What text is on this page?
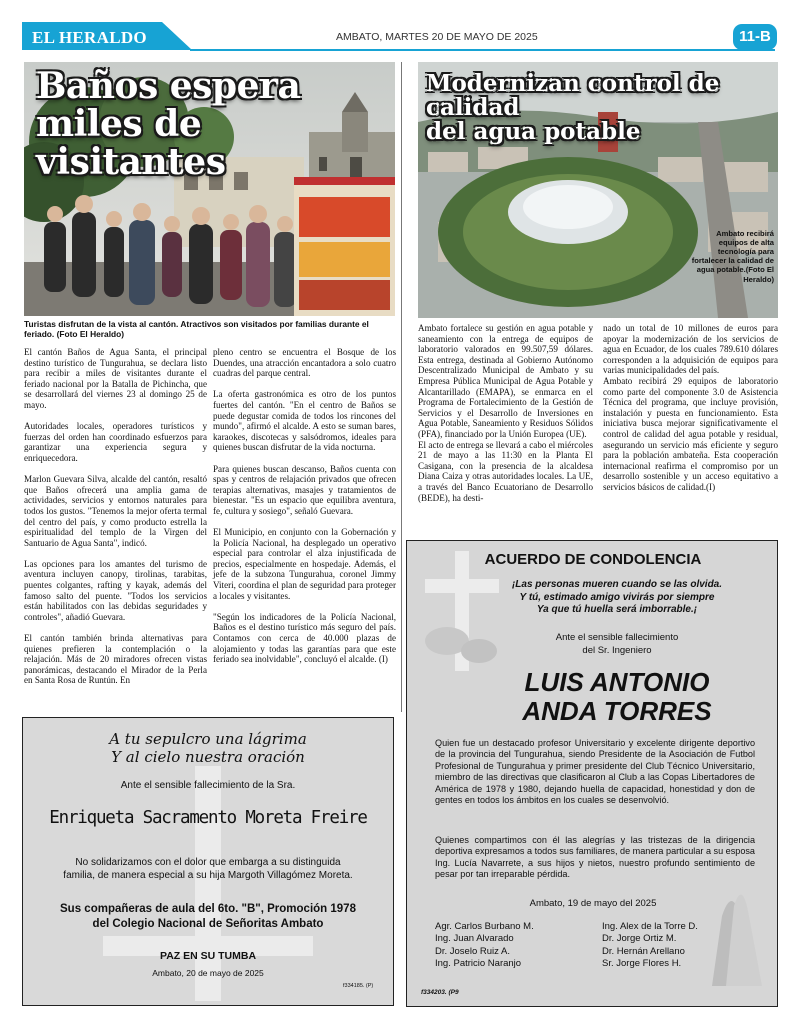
EL HERALDO	AMBATO, MARTES 20 DE MAYO DE 2025	11-B
Baños espera miles de visitantes
Turistas disfrutan de la vista al cantón. Atractivos son visitados por familias durante el feriado. (Foto El Heraldo)

El cantón Baños de Agua Santa, el principal destino turístico de Tungurahua, se declara listo para recibir a miles de visitantes durante el feriado nacional por la Batalla de Pichincha, que se desarrollará del viernes 23 al domingo 25 de mayo.

Autoridades locales, operadores turísticos y fuerzas del orden han coordinado esfuerzos para garantizar una experiencia segura y enriquecedora.

Marlon Guevara Silva, alcalde del cantón, resaltó que Baños ofrecerá una amplia gama de actividades, servicios y entornos naturales para todos los gustos. "Tenemos la mejor oferta termal del centro del país, y como producto estrella la espiritualidad del templo de la Virgen del Santuario de Agua Santa", indicó.

Las opciones para los amantes del turismo de aventura incluyen canopy, tirolinas, tarabitas, puentes colgantes, rafting y kayak, además del famoso salto del puente. "Todos los servicios están habilitados con las debidas seguridades y controles", añadió Guevara.

El cantón también brinda alternativas para quienes prefieren la contemplación o la relajación. Más de 20 miradores ofrecen vistas panorámicas, destacando el Mirador de la Perla en Santa Rosa de Runtún. En

pleno centro se encuentra el Bosque de los Duendes, una atracción encantadora a solo cuatro cuadras del parque central.

La oferta gastronómica es otro de los puntos fuertes del cantón. "En el centro de Baños se puede degustar comida de todos los rincones del mundo", afirmó el alcalde. A esto se suman bares, karaokes, discotecas y salsódromos, ideales para quienes buscan disfrutar de la vida nocturna.

Para quienes buscan descanso, Baños cuenta con spas y centros de relajación privados que ofrecen terapias alternativas, masajes y tratamientos de bienestar. "Es un espacio que equilibra aventura, fe, cultura y sosiego", señaló Guevara.

El Municipio, en conjunto con la Gobernación y la Policía Nacional, ha desplegado un operativo especial para controlar el alza injustificada de precios, especialmente en hospedaje. Además, el jefe de la subzona Tungurahua, coronel Jimmy Viteri, coordina el plan de seguridad para proteger a locales y visitantes.

"Según los indicadores de la Policía Nacional, Baños es el destino turístico más seguro del país. Contamos con cerca de 40.000 plazas de alojamiento y todas las garantías para que este feriado sea inolvidable", concluyó el alcalde. (I)

Modernizan control de calidad
del agua potable
Ambato recibirá equipos de alta tecnología para fortalecer la calidad de agua potable.(Foto El Heraldo)

Ambato fortalece su gestión en agua potable y saneamiento con la entrega de equipos de laboratorio valorados en 99.507,59 dólares. Esta entrega, destinada al Gobierno Autónomo Descentralizado Municipal de Ambato y su Empresa Pública Municipal de Agua Potable y Alcantarillado (EMAPA), se enmarca en el Programa de Fortalecimiento de la Gestión de Servicios y el Desarrollo de Inversiones en Agua Potable, Saneamiento y Residuos Sólidos (PFA), financiado por la Unión Europea (UE).

El acto de entrega se llevará a cabo el miércoles 21 de mayo a las 11:30 en la Planta El Casigana, con la presencia de la alcaldesa Diana Caiza y otras autoridades locales. La UE, a través del Banco Ecuatoriano de Desarrollo (BEDE), ha desti-

nado un total de 10 millones de euros para apoyar la modernización de los servicios de agua en Ecuador, de los cuales 789.610 dólares corresponden a la adquisición de equipos para varias municipalidades del país.

Ambato recibirá 29 equipos de laboratorio como parte del componente 3.0 de Asistencia Técnica del programa, que incluye provisión, instalación y puesta en funcionamiento. Esta iniciativa busca mejorar significativamente el control de calidad del agua potable y residual, asegurando un servicio más eficiente y seguro para la población ambateña. Esta cooperación internacional reafirma el compromiso por un desarrollo sostenible y un acceso equitativo a servicios básicos de calidad.(I)

ACUERDO DE CONDOLENCIA
¡Las personas mueren cuando se las olvida.
Y tú, estimado amigo vivirás por siempre
Ya que tú huella será imborrable.¡
Ante el sensible fallecimiento
del Sr. Ingeniero
LUIS ANTONIO
ANDA TORRES
Quien fue un destacado profesor Universitario y excelente dirigente deportivo de la provincia del Tungurahua, siendo Presidente de la Asociación de Futbol Profesional de Tungurahua y primer presidente del Club Técnico Universitario, miembro de las directivas que clasificaron al Club a las Copas Libertadores de América de 1978 y 1980, dejando huella de capacidad, honestidad y don de gentes en todos los ámbitos en los cuales se desenvolvió.
Quienes compartimos con él las alegrías y las tristezas de la dirigencia deportiva expresamos a todos sus familiares, de manera particular a su esposa Ing. Lucía Navarrete, a sus hijos y nietos, nuestro profundo sentimiento de pesar por tan irreparable pérdida.
Ambato, 19 de mayo del 2025
Agr. Carlos Burbano M.
Ing. Juan Alvarado
Dr. Joselo Ruiz A.
Ing. Patricio Naranjo
Ing. Alex de la Torre D.
Dr. Jorge Ortiz M.
Dr. Hernán Arellano
Sr. Jorge Flores H.
f334203. (P9
A tu sepulcro una lágrima
Y al cielo nuestra oración
Ante el sensible fallecimiento de la Sra.
Enriqueta Sacramento Moreta Freire
No solidarizamos con el dolor que embarga a su distinguida
familia, de manera especial a su hija Margoth Villagómez Moreta.
Sus compañeras de aula del 6to. "B", Promoción 1978
del Colegio Nacional de Señoritas Ambato
PAZ EN SU TUMBA
Ambato, 20 de mayo de 2025
f334185. (P)
